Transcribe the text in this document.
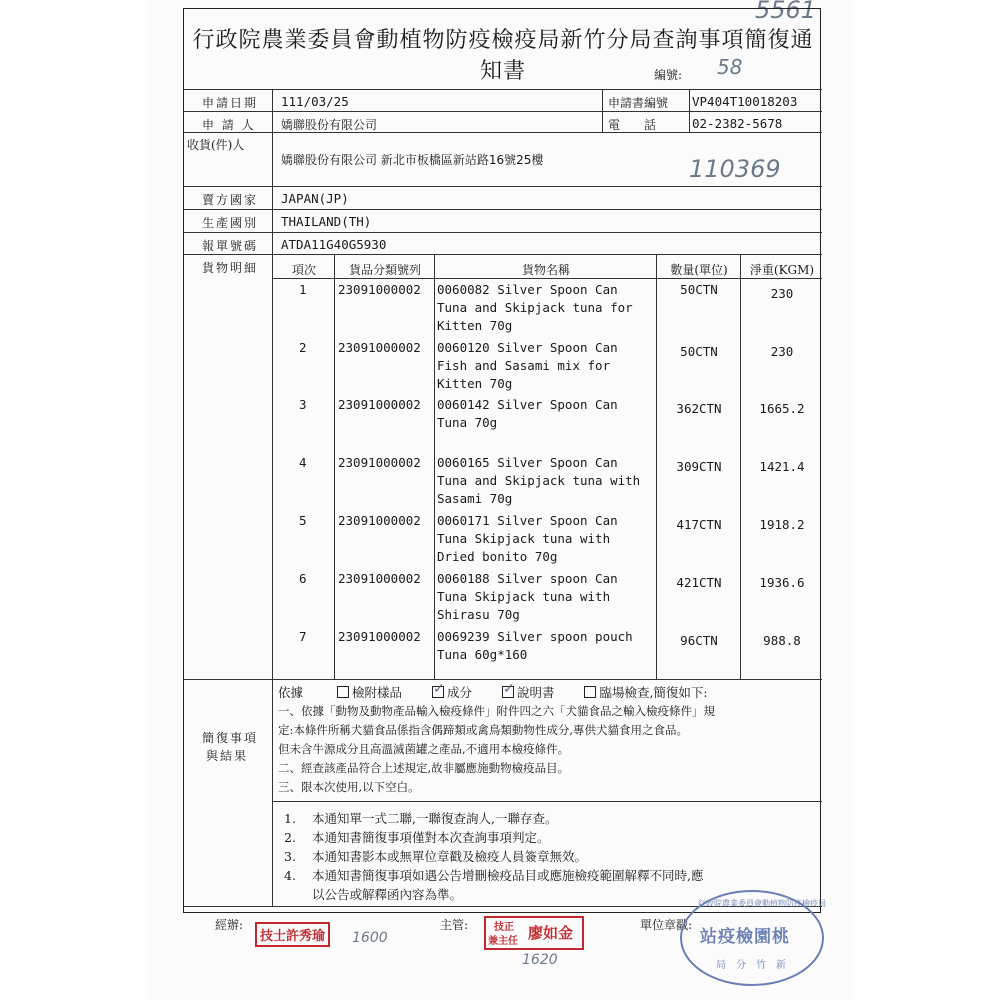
5561
行政院農業委員會動植物防疫檢疫局新竹分局查詢事項簡復通知書	編號: 58
申請日期 111/03/25	申請書編號 VP404T10018203
申 請 人 嬌聯股份有限公司	電　　話	02-2382-5678
收貨(件)人
嬌聯股份有限公司 新北市板橋區新站路16號25樓	110369
賣方國家 JAPAN(JP)
生產國別 THAILAND(TH)
報單號碼 ATDA11G40G5930
貨物明細	項次	貨品分類號列	貨物名稱	數量(單位)	淨重(KGM)
1	23091000002 0060082 Silver Spoon Can
Tuna and Skipjack tuna for
Kitten 70g
50CTN	230
2	23091000002 0060120 Silver Spoon Can
Fish and Sasami mix for
Kitten 70g
50CTN	230
3	23091000002 0060142 Silver Spoon Can
Tuna 70g
362CTN	1665.2
4	23091000002 0060165 Silver Spoon Can
Tuna and Skipjack tuna with
Sasami 70g
309CTN	1421.4
5	23091000002 0060171 Silver Spoon Can
Tuna Skipjack tuna with
Dried bonito 70g
417CTN	1918.2
6	23091000002 0060188 Silver spoon Can
Tuna Skipjack tuna with
Shirasu 70g
421CTN	1936.6
7	23091000002 0069239 Silver spoon pouch
Tuna 60g*160
96CTN	988.8
簡復事項
與結果
依據	檢附樣品 ✓ 成分 ✓ 說明書	臨場檢查,簡復如下:
一、依據「動物及動物產品輸入檢疫條件」附件四之六「犬貓食品之輸入檢疫條件」規
定:本條件所稱犬貓食品係指含偶蹄類或禽鳥類動物性成分,專供犬貓食用之食品。
但未含牛源成分且高溫滅菌罐之產品,不適用本檢疫條件。
二、經查該產品符合上述規定,故非屬應施動物檢疫品目。
三、限本次使用,以下空白。
1. 本通知單一式二聯,一聯復查詢人,一聯存查。
2. 本通知書簡復事項僅對本次查詢事項判定。
3. 本通知書影本或無單位章戳及檢疫人員簽章無效。
4. 本通知書簡復事項如遇公告增刪檢疫品目或應施檢疫範圍解釋不同時,應
以公告或解釋函內容為準。
經辦:
技士許秀瑜	1600
主管:	技正
兼主任 廖如金
1620
單位章戳:
行政院農業委員會動植物防疫檢疫局
站疫檢園桃
局　分　竹　新
